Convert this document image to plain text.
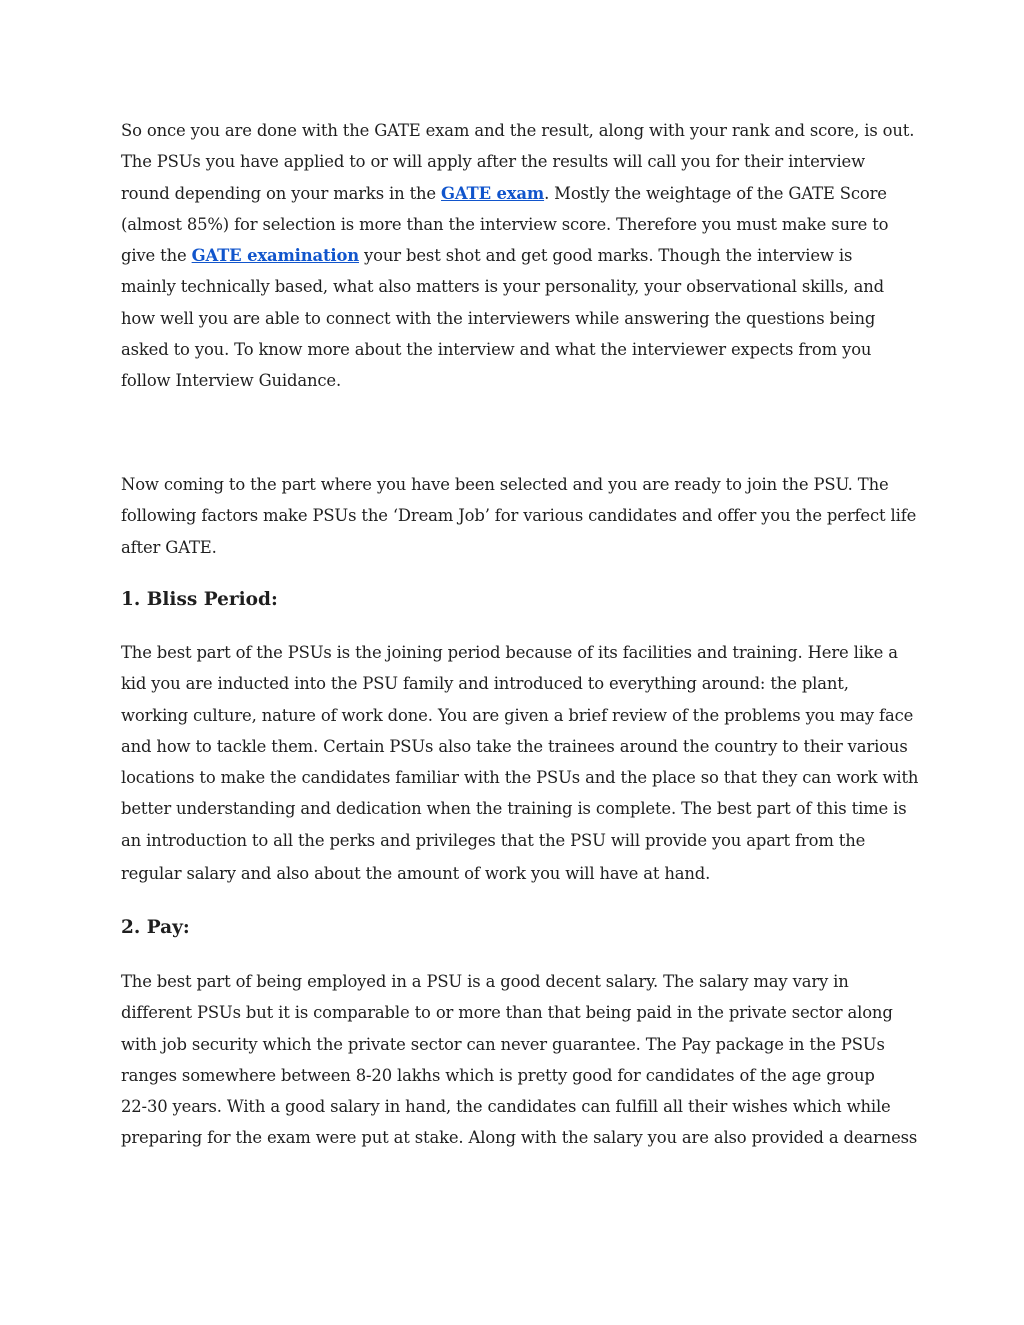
So once you are done with the GATE exam and the result, along with your rank and score, is out.
The PSUs you have applied to or will apply after the results will call you for their interview
round depending on your marks in the GATE exam. Mostly the weightage of the GATE Score
(almost 85%) for selection is more than the interview score. Therefore you must make sure to
give the GATE examination your best shot and get good marks. Though the interview is
mainly technically based, what also matters is your personality, your observational skills, and
how well you are able to connect with the interviewers while answering the questions being
asked to you. To know more about the interview and what the interviewer expects from you
follow Interview Guidance.

Now coming to the part where you have been selected and you are ready to join the PSU. The
following factors make PSUs the ‘Dream Job’ for various candidates and offer you the perfect life
after GATE.

1. Bliss Period:

The best part of the PSUs is the joining period because of its facilities and training. Here like a
kid you are inducted into the PSU family and introduced to everything around: the plant,
working culture, nature of work done. You are given a brief review of the problems you may face
and how to tackle them. Certain PSUs also take the trainees around the country to their various
locations to make the candidates familiar with the PSUs and the place so that they can work with
better understanding and dedication when the training is complete. The best part of this time is
an introduction to all the perks and privileges that the PSU will provide you apart from the
regular salary and also about the amount of work you will have at hand.

2. Pay:

The best part of being employed in a PSU is a good decent salary. The salary may vary in
different PSUs but it is comparable to or more than that being paid in the private sector along
with job security which the private sector can never guarantee. The Pay package in the PSUs
ranges somewhere between 8-20 lakhs which is pretty good for candidates of the age group
22-30 years. With a good salary in hand, the candidates can fulfill all their wishes which while
preparing for the exam were put at stake. Along with the salary you are also provided a dearness
